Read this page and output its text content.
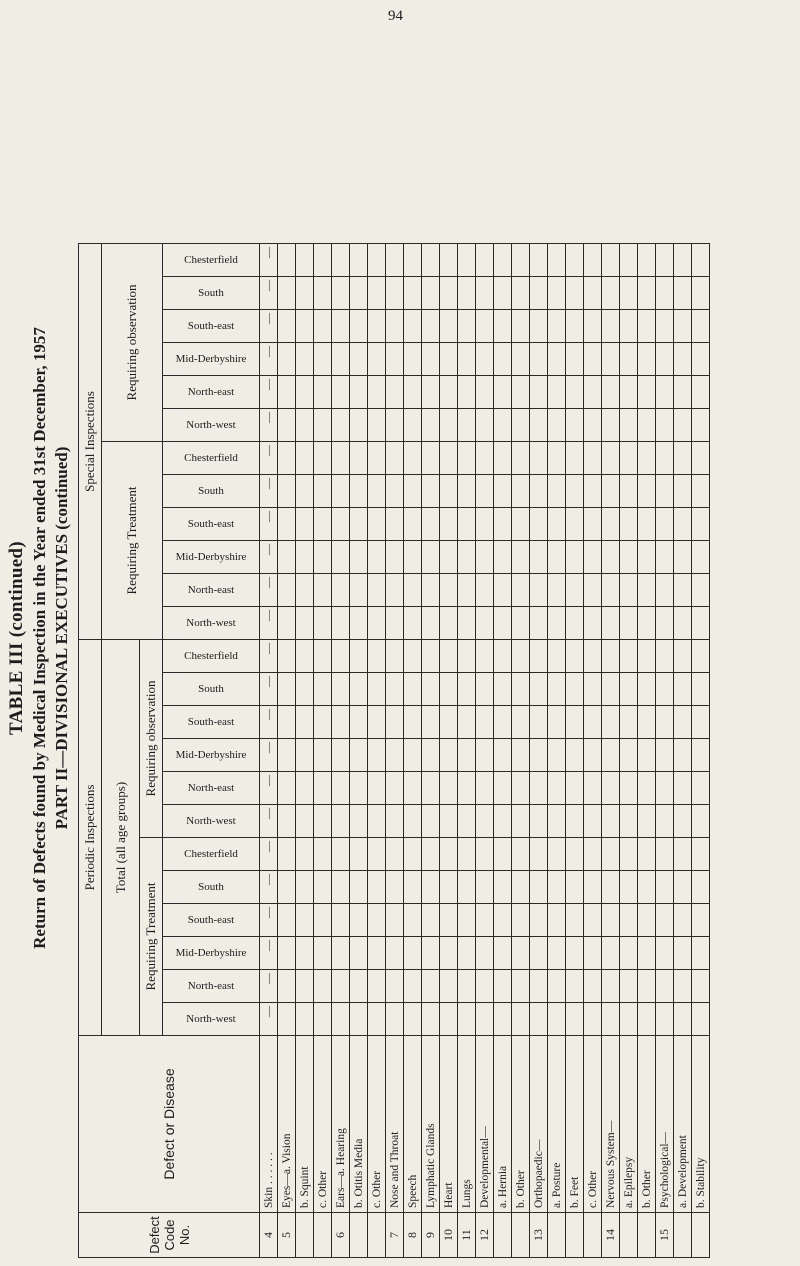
94
TABLE III (continued) Return of Defects found by Medical Inspection in the Year ended 31st December, 1957 PART II—DIVISIONAL EXECUTIVES (continued)
Defect Code No.	Defect or Disease	Periodic Inspections												Special Inspections											
		Total (all age groups)												Requiring Treatment						Requiring observation					
		Requiring Treatment						Requiring observation																	

		North-west	North-east	Mid-Derbyshire	South-east	South	Chesterfield	North-west	North-east	Mid-Derbyshire	South-east	South	Chesterfield	North-west	North-east	Mid-Derbyshire	South-east	South	Chesterfield	North-west	North-east	Mid-Derbyshire	South-east	South	Chesterfield

4	Skin . . . . . .	—	—	—	—	—	—	—	—	—	—	—	—	—	—	—	—	—	—	—	—	—	—	—	—
5	Eyes—a. Vision																								
	b. Squint																								
	c. Other																								
6	Ears—a. Hearing																								
	b. Otitis Media																								
	c. Other																								
7	Nose and Throat																								
8	Speech																								
9	Lymphatic Glands																								
10	Heart																								
11	Lungs																								
12	Developmental—																								
	a. Hernia																								
	b. Other																								
13	Orthopaedic—																								
	a. Posture																								
	b. Feet																								
	c. Other																								
14	Nervous System—																								
	a. Epilepsy																								
	b. Other																								
15	Psychological—																								
	a. Development																								
	b. Stability																								
